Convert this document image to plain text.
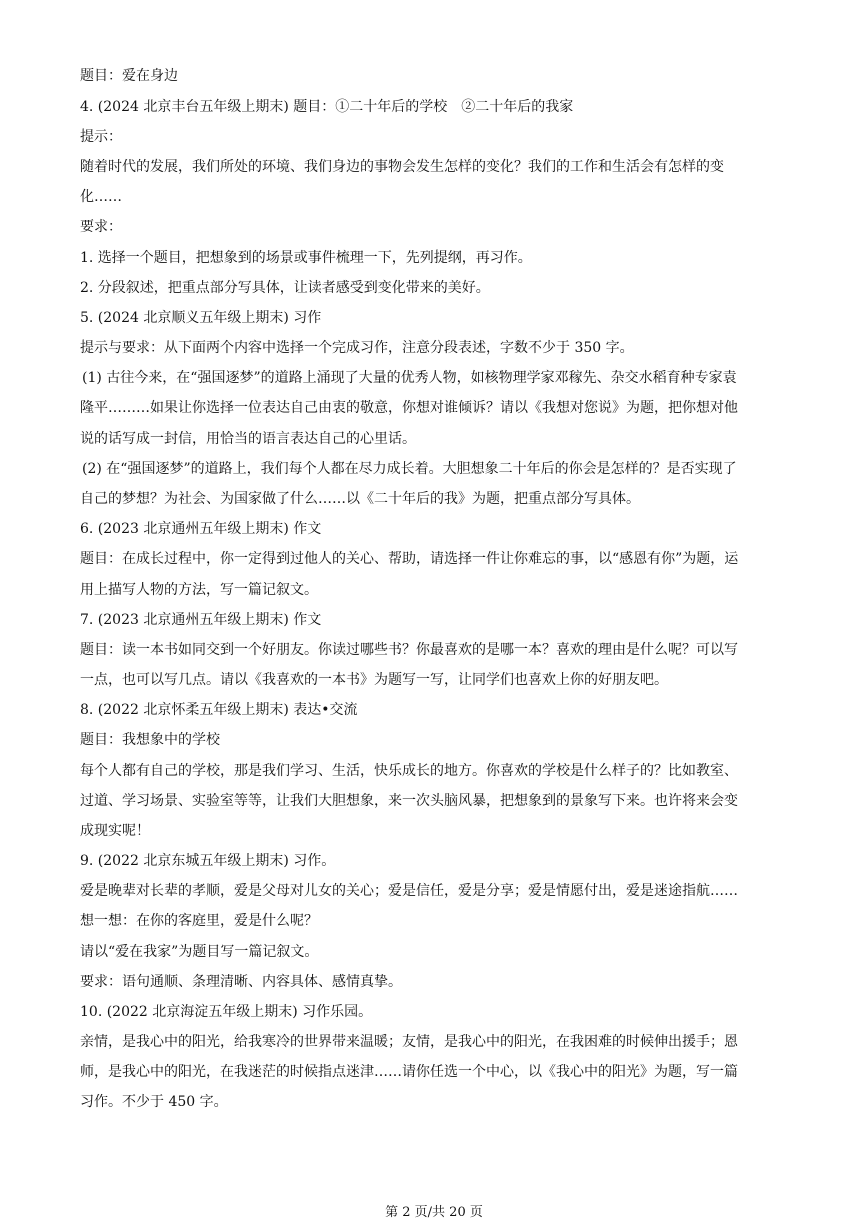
题目：爱在身边
4. (2024 北京丰台五年级上期末) 题目：①二十年后的学校　②二十年后的我家
提示：
随着时代的发展，我们所处的环境、我们身边的事物会发生怎样的变化？我们的工作和生活会有怎样的变
化……
要求：
1. 选择一个题目，把想象到的场景或事件梳理一下，先列提纲，再习作。
2. 分段叙述，把重点部分写具体，让读者感受到变化带来的美好。
5. (2024 北京顺义五年级上期末) 习作
提示与要求：从下面两个内容中选择一个完成习作，注意分段表述，字数不少于 350 字。
(1) 古往今来，在“强国逐梦”的道路上涌现了大量的优秀人物，如核物理学家邓稼先、杂交水稻育种专家袁
隆平………如果让你选择一位表达自己由衷的敬意，你想对谁倾诉？请以《我想对您说》为题，把你想对他
说的话写成一封信，用恰当的语言表达自己的心里话。
(2) 在“强国逐梦”的道路上，我们每个人都在尽力成长着。大胆想象二十年后的你会是怎样的？是否实现了
自己的梦想？为社会、为国家做了什么……以《二十年后的我》为题，把重点部分写具体。
6. (2023 北京通州五年级上期末) 作文
题目：在成长过程中，你一定得到过他人的关心、帮助，请选择一件让你难忘的事，以“感恩有你”为题，运
用上描写人物的方法，写一篇记叙文。
7. (2023 北京通州五年级上期末) 作文
题目：读一本书如同交到一个好朋友。你读过哪些书？你最喜欢的是哪一本？喜欢的理由是什么呢？可以写
一点，也可以写几点。请以《我喜欢的一本书》为题写一写，让同学们也喜欢上你的好朋友吧。
8. (2022 北京怀柔五年级上期末) 表达•交流
题目：我想象中的学校
每个人都有自己的学校，那是我们学习、生活，快乐成长的地方。你喜欢的学校是什么样子的？比如教室、
过道、学习场景、实验室等等，让我们大胆想象，来一次头脑风暴，把想象到的景象写下来。也许将来会变
成现实呢！
9. (2022 北京东城五年级上期末) 习作。
爱是晚辈对长辈的孝顺，爱是父母对儿女的关心；爱是信任，爱是分享；爱是情愿付出，爱是迷途指航……
想一想：在你的客庭里，爱是什么呢？
请以“爱在我家”为题目写一篇记叙文。
要求：语句通顺、条理清晰、内容具体、感情真挚。
10. (2022 北京海淀五年级上期末) 习作乐园。
亲情，是我心中的阳光，给我寒冷的世界带来温暖；友情，是我心中的阳光，在我困难的时候伸出援手；恩
师，是我心中的阳光，在我迷茫的时候指点迷津……请你任选一个中心，以《我心中的阳光》为题，写一篇
习作。不少于 450 字。
第 2 页/共 20 页
